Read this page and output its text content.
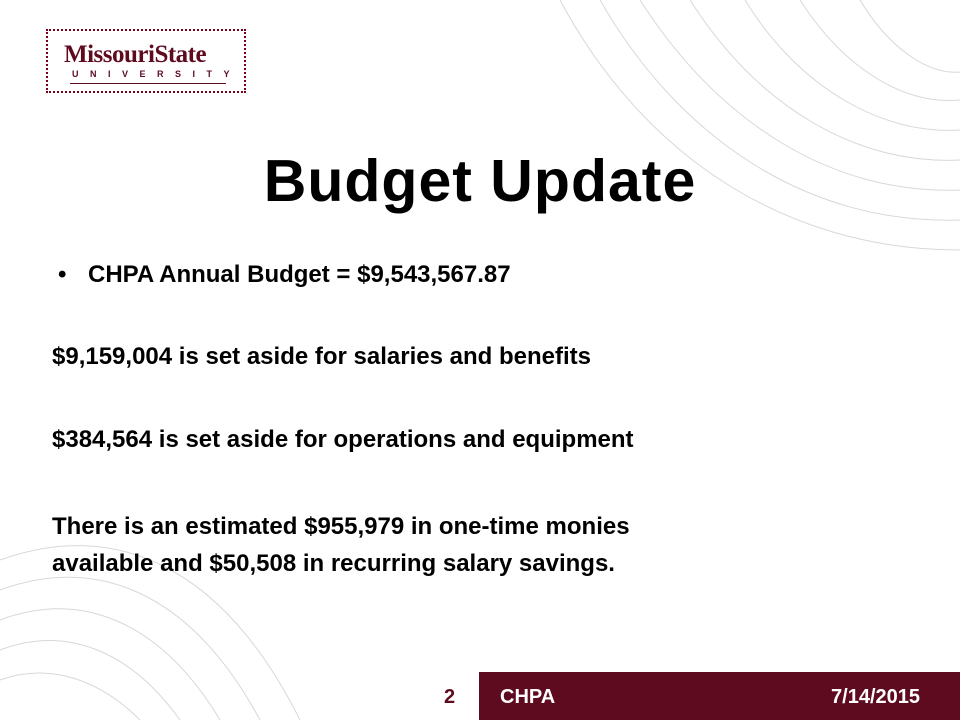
MissouriState
UNIVERSITY
Budget Update
• CHPA Annual Budget = $9,543,567.87
$9,159,004 is set aside for salaries and benefits
$384,564 is set aside for operations and equipment
There is an estimated $955,979 in one-time monies
available and $50,508 in recurring salary savings.
2 CHPA	7/14/2015
